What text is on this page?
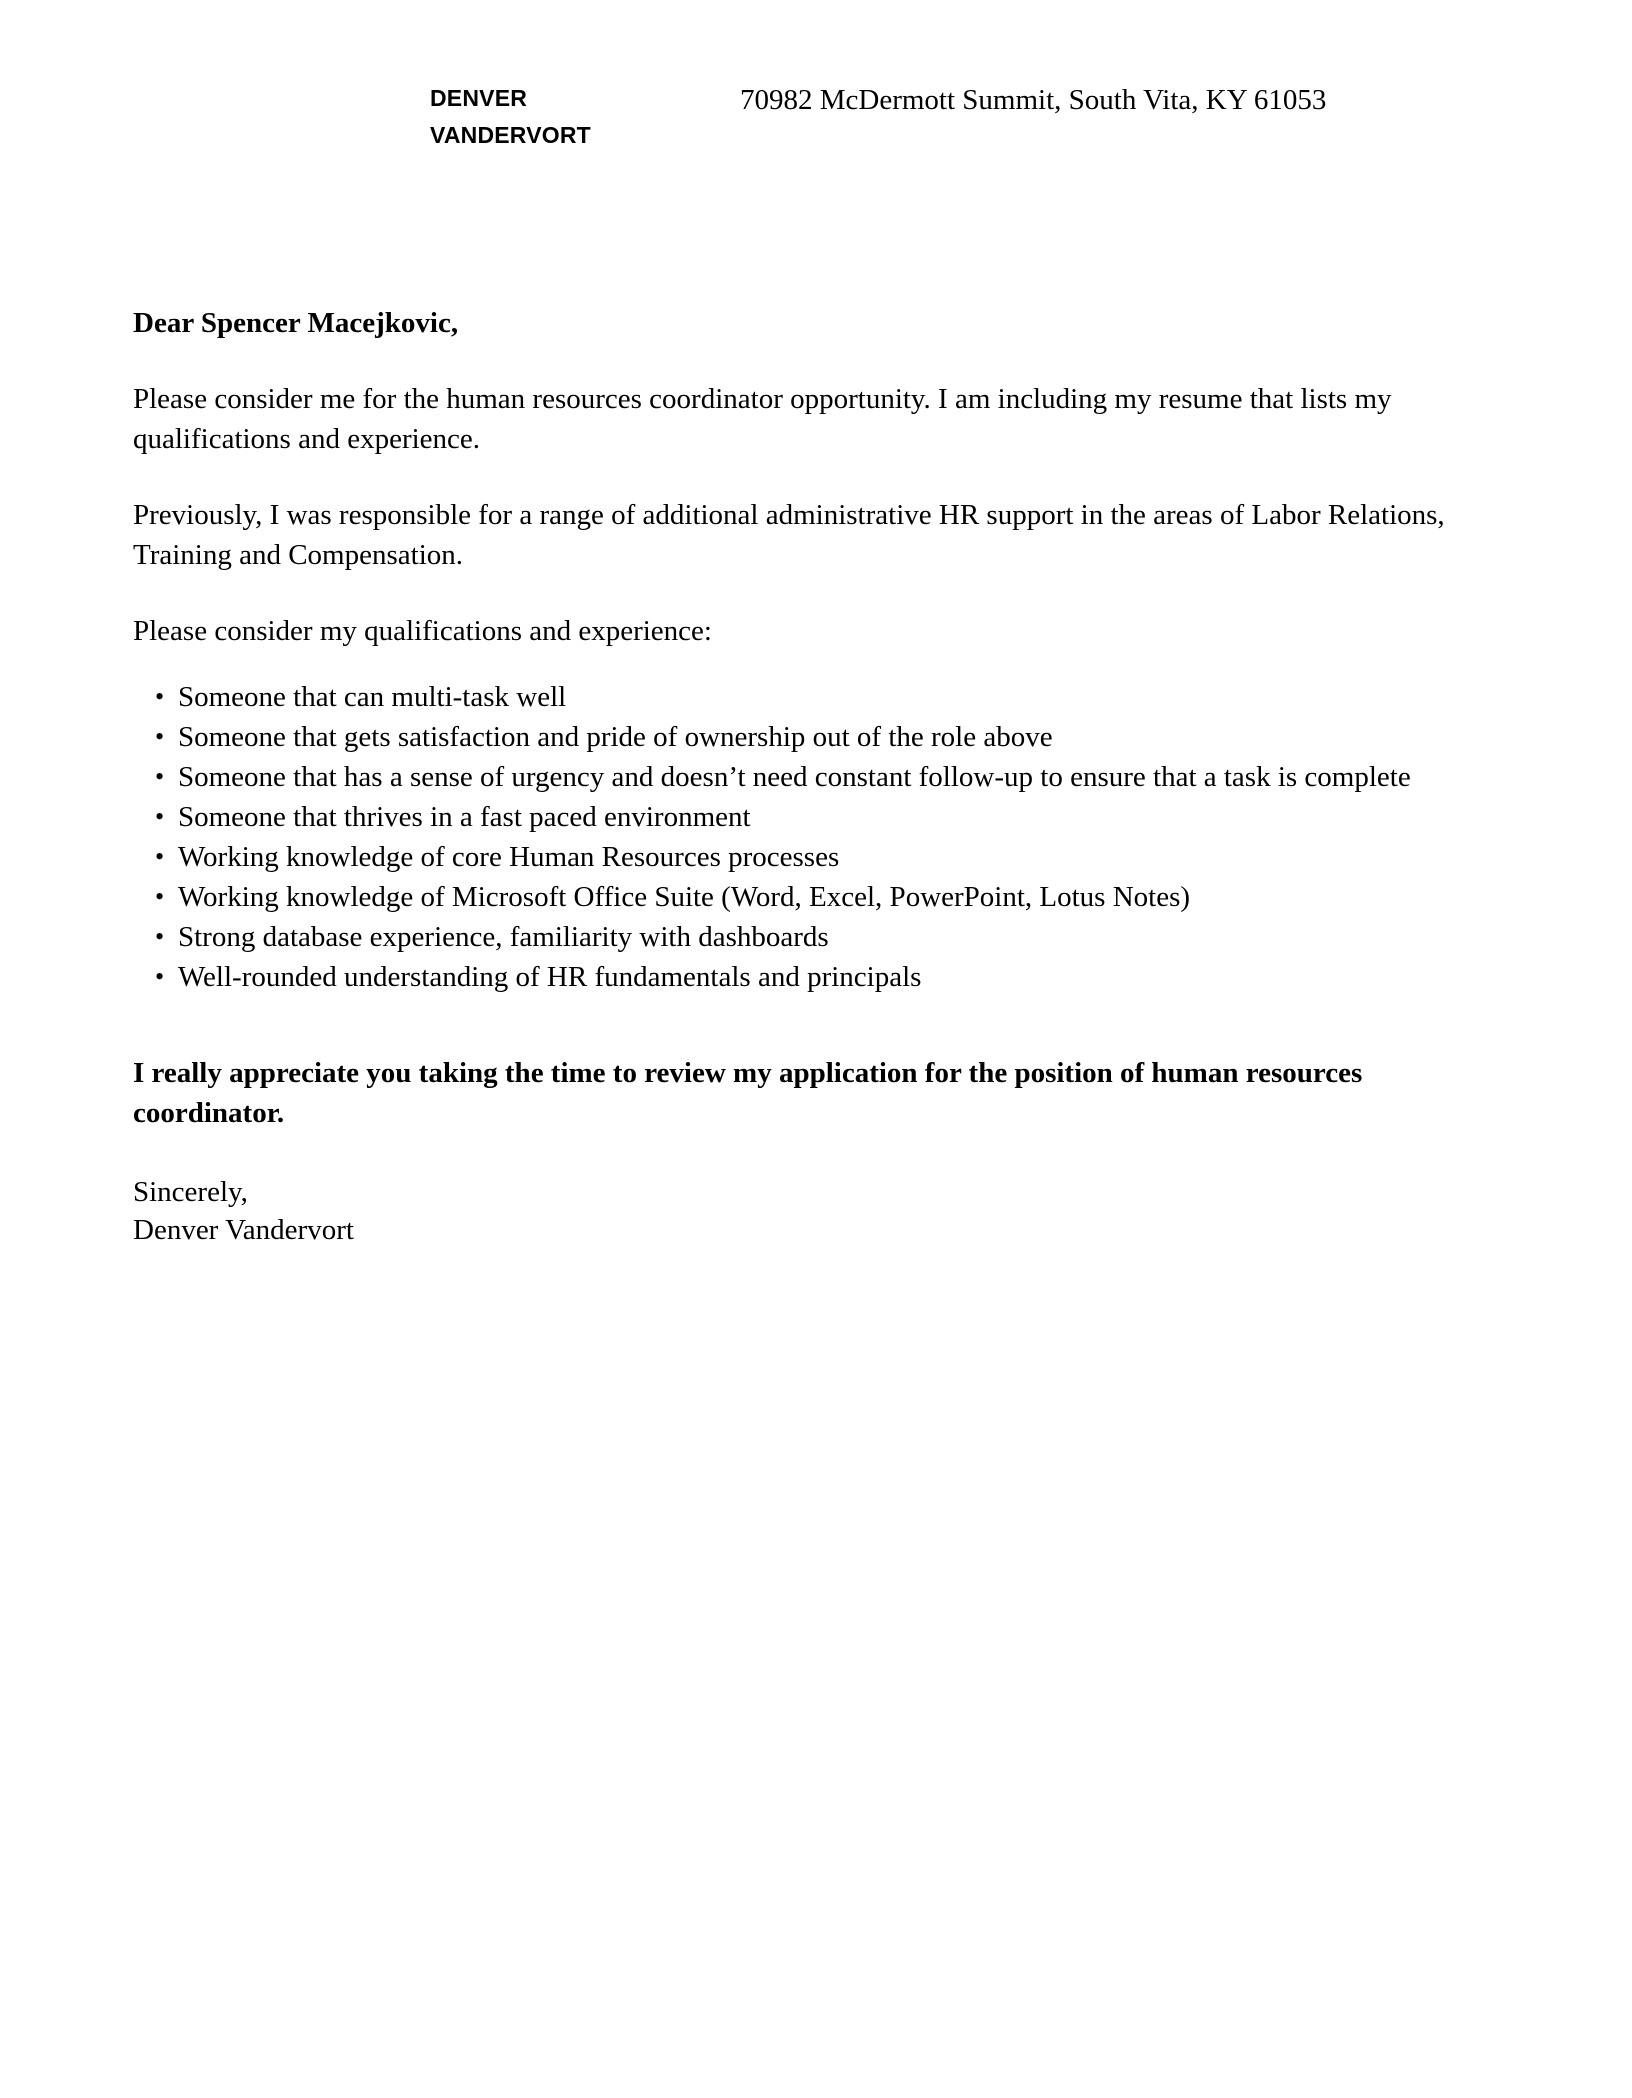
DENVER
VANDERVORT
70982 McDermott Summit, South Vita, KY 61053
Dear Spencer Macejkovic,

Please consider me for the human resources coordinator opportunity. I am including my resume that lists my qualifications and experience.

Previously, I was responsible for a range of additional administrative HR support in the areas of Labor Relations, Training and Compensation.

Please consider my qualifications and experience:

• Someone that can multi-task well
• Someone that gets satisfaction and pride of ownership out of the role above
• Someone that has a sense of urgency and doesn’t need constant follow-up to ensure that a task is complete
• Someone that thrives in a fast paced environment
• Working knowledge of core Human Resources processes
• Working knowledge of Microsoft Office Suite (Word, Excel, PowerPoint, Lotus Notes)
• Strong database experience, familiarity with dashboards
• Well-rounded understanding of HR fundamentals and principals

I really appreciate you taking the time to review my application for the position of human resources coordinator.

Sincerely,
Denver Vandervort
